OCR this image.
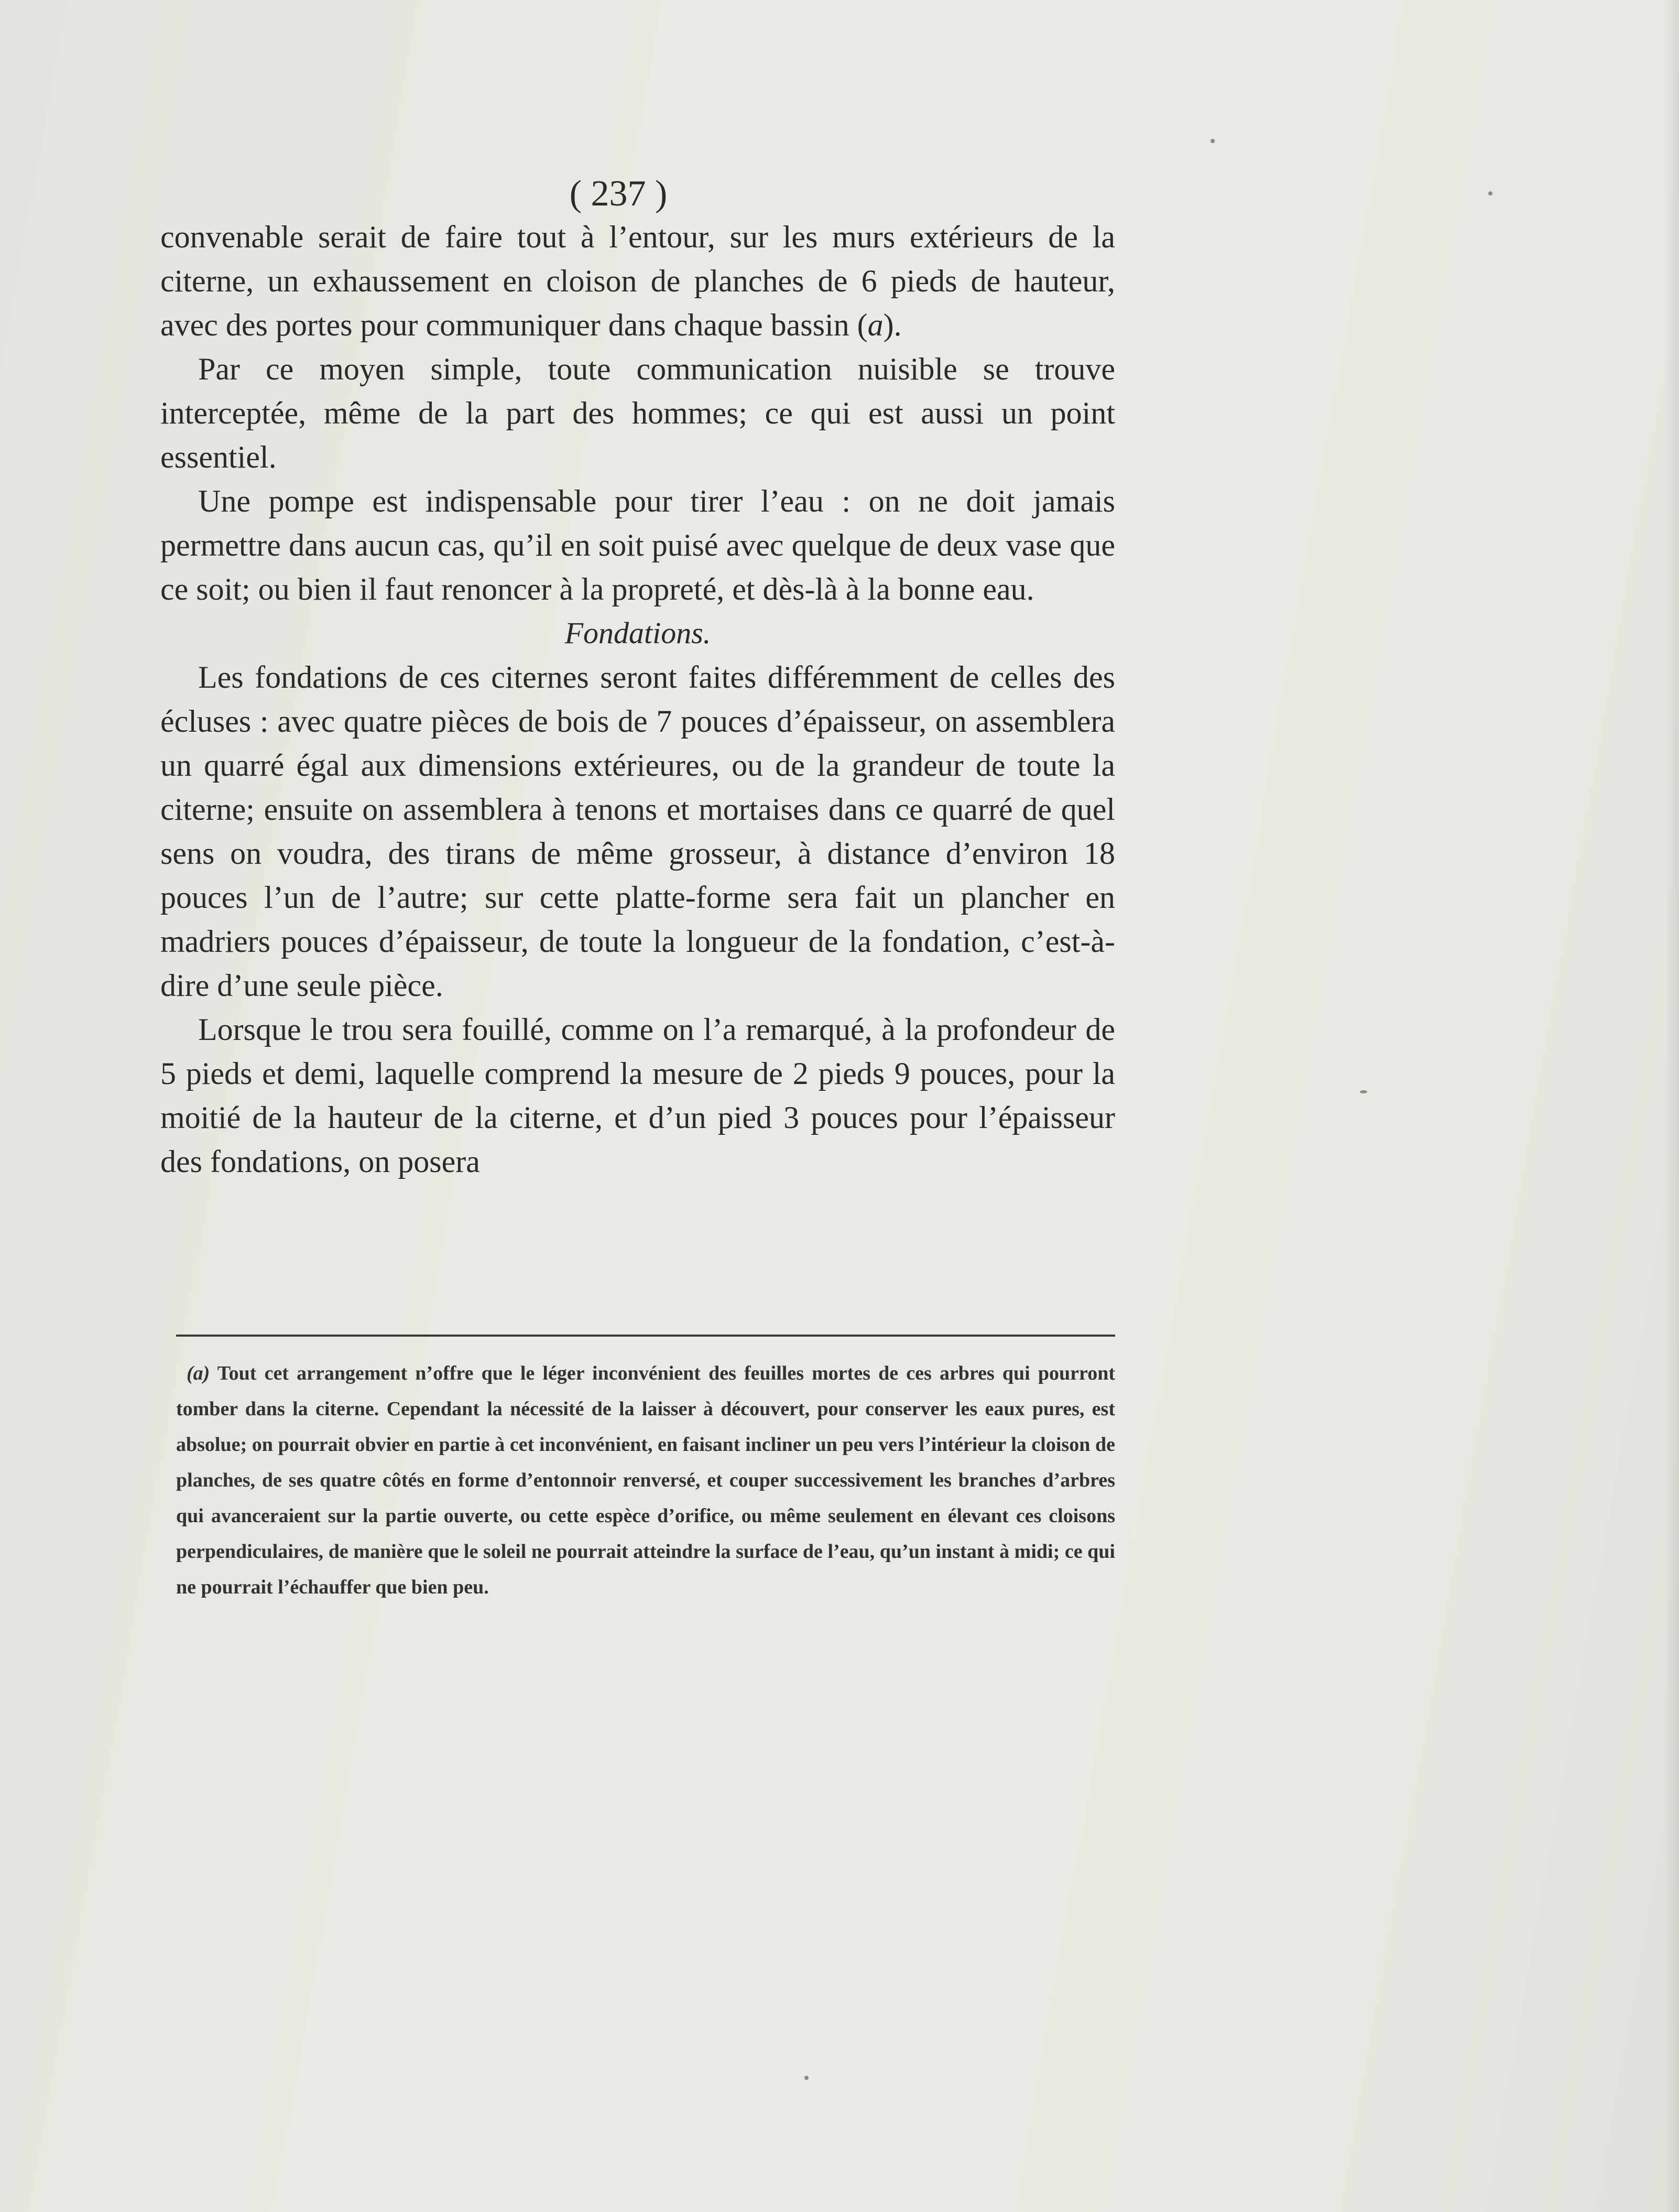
( 237 )

convenable serait de faire tout à l’entour, sur les murs extérieurs de la citerne, un exhaussement en cloison de planches de 6 pieds de hauteur, avec des portes pour communiquer dans chaque bassin (a).

Par ce moyen simple, toute communication nuisible se trouve interceptée, même de la part des hommes; ce qui est aussi un point essentiel.

Une pompe est indispensable pour tirer l’eau : on ne doit jamais permettre dans aucun cas, qu’il en soit puisé avec quelque de deux vase que ce soit; ou bien il faut renoncer à la propreté, et dès-là à la bonne eau.

Fondations.

Les fondations de ces citernes seront faites différemment de celles des écluses : avec quatre pièces de bois de 7 pouces d’épaisseur, on assemblera un quarré égal aux dimensions extérieures, ou de la grandeur de toute la citerne; ensuite on assemblera à tenons et mortaises dans ce quarré de quel sens on voudra, des tirans de même grosseur, à distance d’environ 18 pouces l’un de l’autre; sur cette platte-forme sera fait un plancher en madriers pouces d’épaisseur, de toute la longueur de la fondation, c’est-à-dire d’une seule pièce.

Lorsque le trou sera fouillé, comme on l’a remarqué, à la profondeur de 5 pieds et demi, laquelle comprend la mesure de 2 pieds 9 pouces, pour la moitié de la hauteur de la citerne, et d’un pied 3 pouces pour l’épaisseur des fondations, on posera

(a) Tout cet arrangement n’offre que le léger inconvénient des feuilles mortes de ces arbres qui pourront tomber dans la citerne. Cependant la nécessité de la laisser à découvert, pour conserver les eaux pures, est absolue; on pourrait obvier en partie à cet inconvénient, en faisant incliner un peu vers l’intérieur la cloison de planches, de ses quatre côtés en forme d’entonnoir renversé, et couper successivement les branches d’arbres qui avanceraient sur la partie ouverte, ou cette espèce d’orifice, ou même seulement en élevant ces cloisons perpendiculaires, de manière que le soleil ne pourrait atteindre la surface de l’eau, qu’un instant à midi; ce qui ne pourrait l’échauffer que bien peu.
